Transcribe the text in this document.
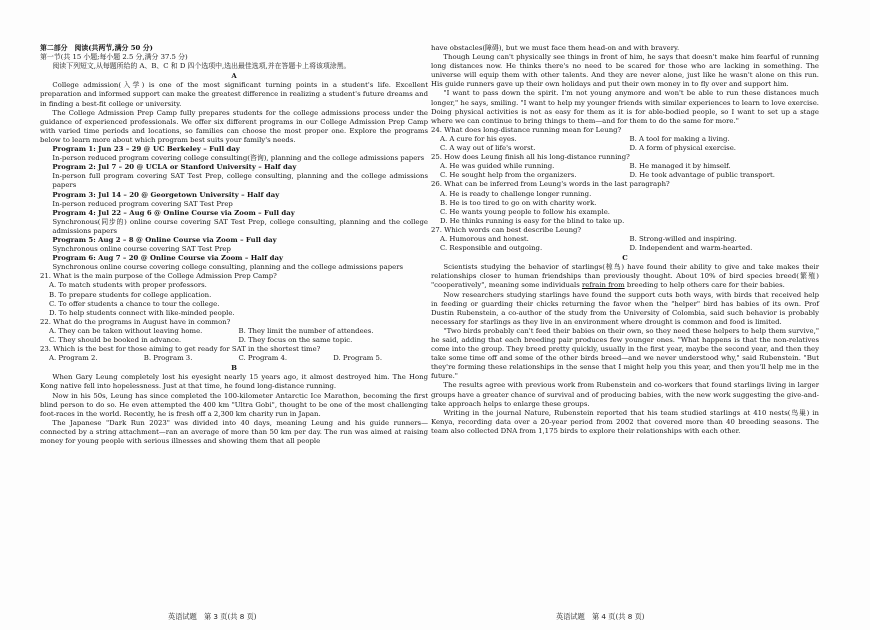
第二部分　阅读(共两节,满分 50 分)

第一节(共 15 小题;每小题 2.5 分,满分 37.5 分)

阅读下列短文,从每题所给的 A、B、C 和 D 四个选项中,选出最佳选项,并在答题卡上将该项涂黑。

A

College admission(入学) is one of the most significant turning points in a student's life. Excellent preparation and informed support can make the greatest difference in realizing a student's future dreams and in finding a best-fit college or university.

The College Admission Prep Camp fully prepares students for the college admissions process under the guidance of experienced professionals. We offer six different programs in our College Admission Prep Camp with varied time periods and locations, so families can choose the most proper one. Explore the programs below to learn more about which program best suits your family's needs.

Program 1: Jun 23 – 29 @ UC Berkeley – Full day

In-person reduced program covering college consulting(咨询), planning and the college admissions papers

Program 2: Jul 7 – 20 @ UCLA or Stanford University – Half day

In-person full program covering SAT Test Prep, college consulting, planning and the college admissions papers

Program 3: Jul 14 – 20 @ Georgetown University – Half day

In-person reduced program covering SAT Test Prep

Program 4: Jul 22 – Aug 6 @ Online Course via Zoom – Full day

Synchronous(同步的) online course covering SAT Test Prep, college consulting, planning and the college admissions papers

Program 5: Aug 2 – 8 @ Online Course via Zoom – Full day

Synchronous online course covering SAT Test Prep

Program 6: Aug 7 – 20 @ Online Course via Zoom – Half day

Synchronous online course covering college consulting, planning and the college admissions papers

21. What is the main purpose of the College Admission Prep Camp?

A. To match students with proper professors.

B. To prepare students for college application.

C. To offer students a chance to tour the college.

D. To help students connect with like-minded people.

22. What do the programs in August have in common?

A. They can be taken without leaving home.	B. They limit the number of attendees.
C. They should be booked in advance.	D. They focus on the same topic.

23. Which is the best for those aiming to get ready for SAT in the shortest time?

A. Program 2.	B. Program 3.	C. Program 4.	D. Program 5.

B

When Gary Leung completely lost his eyesight nearly 15 years ago, it almost destroyed him. The Hong Kong native fell into hopelessness. Just at that time, he found long-distance running.

Now in his 50s, Leung has since completed the 100-kilometer Antarctic Ice Marathon, becoming the first blind person to do so. He even attempted the 400 km "Ultra Gobi", thought to be one of the most challenging foot-races in the world. Recently, he is fresh off a 2,300 km charity run in Japan.

The Japanese "Dark Run 2023" was divided into 40 days, meaning Leung and his guide runners—connected by a string attachment—ran an average of more than 50 km per day. The run was aimed at raising money for young people with serious illnesses and showing them that all people

have obstacles(障碍), but we must face them head-on and with bravery.

Though Leung can't physically see things in front of him, he says that doesn't make him fearful of running long distances now. He thinks there's no need to be scared for those who are lacking in something. The universe will equip them with other talents. And they are never alone, just like he wasn't alone on this run. His guide runners gave up their own holidays and put their own money in to fly over and support him.

"I want to pass down the spirit. I'm not young anymore and won't be able to run these distances much longer," he says, smiling. "I want to help my younger friends with similar experiences to learn to love exercise. Doing physical activities is not as easy for them as it is for able-bodied people, so I want to set up a stage where we can continue to bring things to them—and for them to do the same for more."

24. What does long-distance running mean for Leung?

A. A cure for his eyes.	B. A tool for making a living.
C. A way out of life's worst.	D. A form of physical exercise.

25. How does Leung finish all his long-distance running?

A. He was guided while running.	B. He managed it by himself.
C. He sought help from the organizers.	D. He took advantage of public transport.

26. What can be inferred from Leung's words in the last paragraph?

A. He is ready to challenge longer running.

B. He is too tired to go on with charity work.

C. He wants young people to follow his example.

D. He thinks running is easy for the blind to take up.

27. Which words can best describe Leung?

A. Humorous and honest.	B. Strong-willed and inspiring.
C. Responsible and outgoing.	D. Independent and warm-hearted.

C

Scientists studying the behavior of starlings(椋鸟) have found their ability to give and take makes their relationships closer to human friendships than previously thought. About 10% of bird species breed(繁殖) "cooperatively", meaning some individuals refrain from breeding to help others care for their babies.

Now researchers studying starlings have found the support cuts both ways, with birds that received help in feeding or guarding their chicks returning the favor when the "helper" bird has babies of its own. Prof Dustin Rubenstein, a co-author of the study from the University of Colombia, said such behavior is probably necessary for starlings as they live in an environment where drought is common and food is limited.

"Two birds probably can't feed their babies on their own, so they need these helpers to help them survive," he said, adding that each breeding pair produces few younger ones. "What happens is that the non-relatives come into the group. They breed pretty quickly, usually in the first year, maybe the second year, and then they take some time off and some of the other birds breed—and we never understood why," said Rubenstein. "But they're forming these relationships in the sense that I might help you this year, and then you'll help me in the future."

The results agree with previous work from Rubenstein and co-workers that found starlings living in larger groups have a greater chance of survival and of producing babies, with the new work suggesting the give-and-take approach helps to enlarge these groups.

Writing in the journal Nature, Rubenstein reported that his team studied starlings at 410 nests(鸟巢) in Kenya, recording data over a 20-year period from 2002 that covered more than 40 breeding seasons. The team also collected DNA from 1,175 birds to explore their relationships with each other.

英语试题　第 3 页(共 8 页)	英语试题　第 4 页(共 8 页)
